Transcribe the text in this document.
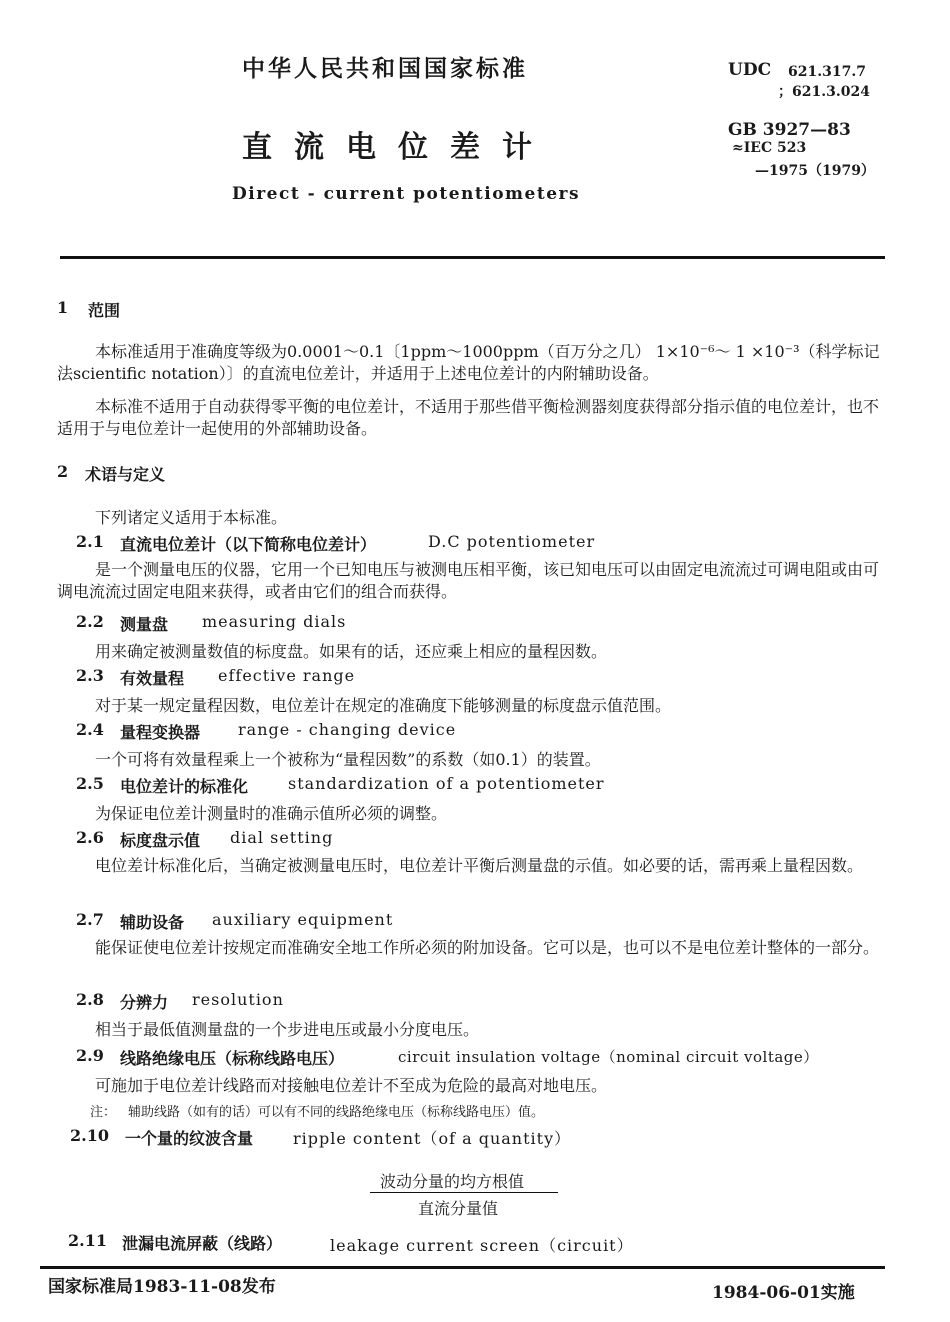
中华人民共和国国家标准
直流电位差计
Direct - current potentiometers
UDC 621.317.7
；621.3.024
GB 3927—83
≈IEC 523
—1975（1979）
1 范围
本标准适用于准确度等级为0.0001～0.1〔1ppm～1000ppm（百万分之几） 1×10⁻⁶～ 1 ×10⁻³（科学标记法scientific notation）〕的直流电位差计，并适用于上述电位差计的内附辅助设备。
本标准不适用于自动获得零平衡的电位差计，不适用于那些借平衡检测器刻度获得部分指示值的电位差计，也不适用于与电位差计一起使用的外部辅助设备。
2 术语与定义
下列诸定义适用于本标准。
2.1 直流电位差计（以下简称电位差计）	D.C potentiometer
是一个测量电压的仪器，它用一个已知电压与被测电压相平衡，该已知电压可以由固定电流流过可调电阻或由可调电流流过固定电阻来获得，或者由它们的组合而获得。
2.2 测量盘 measuring dials
用来确定被测量数值的标度盘。如果有的话，还应乘上相应的量程因数。
2.3 有效量程 effective range
对于某一规定量程因数，电位差计在规定的准确度下能够测量的标度盘示值范围。
2.4 量程变换器 range - changing device
一个可将有效量程乘上一个被称为“量程因数”的系数（如0.1）的装置。
2.5 电位差计的标准化 standardization of a potentiometer
为保证电位差计测量时的准确示值所必须的调整。
2.6 标度盘示值 dial setting
电位差计标准化后，当确定被测量电压时，电位差计平衡后测量盘的示值。如必要的话，需再乘上量程因数。
2.7 辅助设备 auxiliary equipment
能保证使电位差计按规定而准确安全地工作所必须的附加设备。它可以是，也可以不是电位差计整体的一部分。
2.8 分辨力 resolution
相当于最低值测量盘的一个步进电压或最小分度电压。
2.9 线路绝缘电压（标称线路电压）	circuit insulation voltage（nominal circuit voltage）
可施加于电位差计线路而对接触电位差计不至成为危险的最高对地电压。
注： 辅助线路（如有的话）可以有不同的线路绝缘电压（标称线路电压）值。
2.10 一个量的纹波含量 ripple content（of a quantity）
波动分量的均方根值
直流分量值
2.11 泄漏电流屏蔽（线路）	leakage current screen（circuit）
国家标准局1983-11-08发布	1984-06-01实施
